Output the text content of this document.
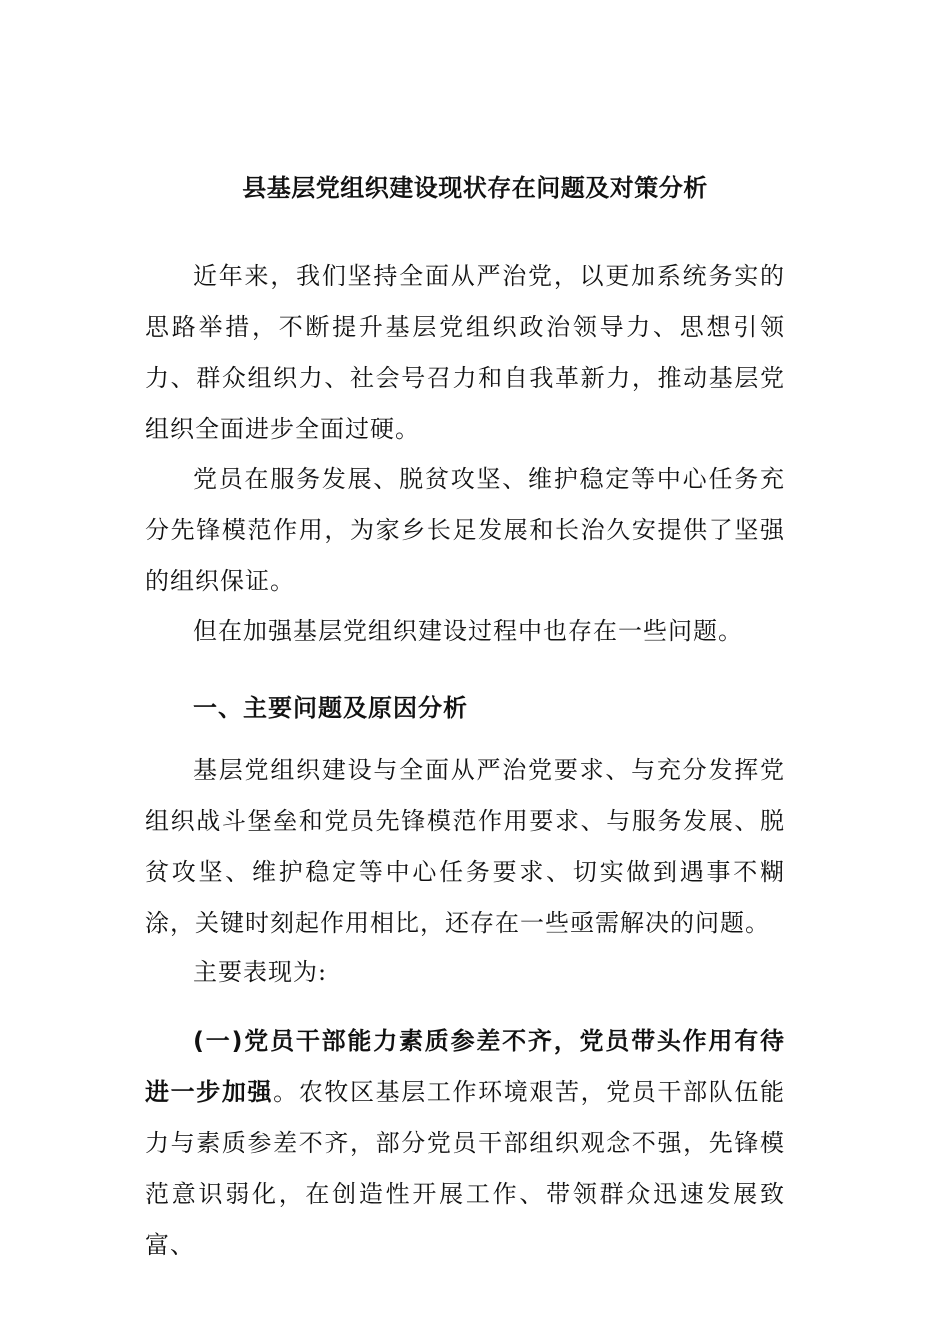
县基层党组织建设现状存在问题及对策分析

近年来，我们坚持全面从严治党，以更加系统务实的思路举措，不断提升基层党组织政治领导力、思想引领力、群众组织力、社会号召力和自我革新力，推动基层党组织全面进步全面过硬。

党员在服务发展、脱贫攻坚、维护稳定等中心任务充分先锋模范作用，为家乡长足发展和长治久安提供了坚强的组织保证。

但在加强基层党组织建设过程中也存在一些问题。

一、主要问题及原因分析

基层党组织建设与全面从严治党要求、与充分发挥党组织战斗堡垒和党员先锋模范作用要求、与服务发展、脱贫攻坚、维护稳定等中心任务要求、切实做到遇事不糊涂，关键时刻起作用相比，还存在一些亟需解决的问题。

主要表现为:

(一)党员干部能力素质参差不齐，党员带头作用有待进一步加强。农牧区基层工作环境艰苦，党员干部队伍能力与素质参差不齐，部分党员干部组织观念不强，先锋模范意识弱化，在创造性开展工作、带领群众迅速发展致富、
